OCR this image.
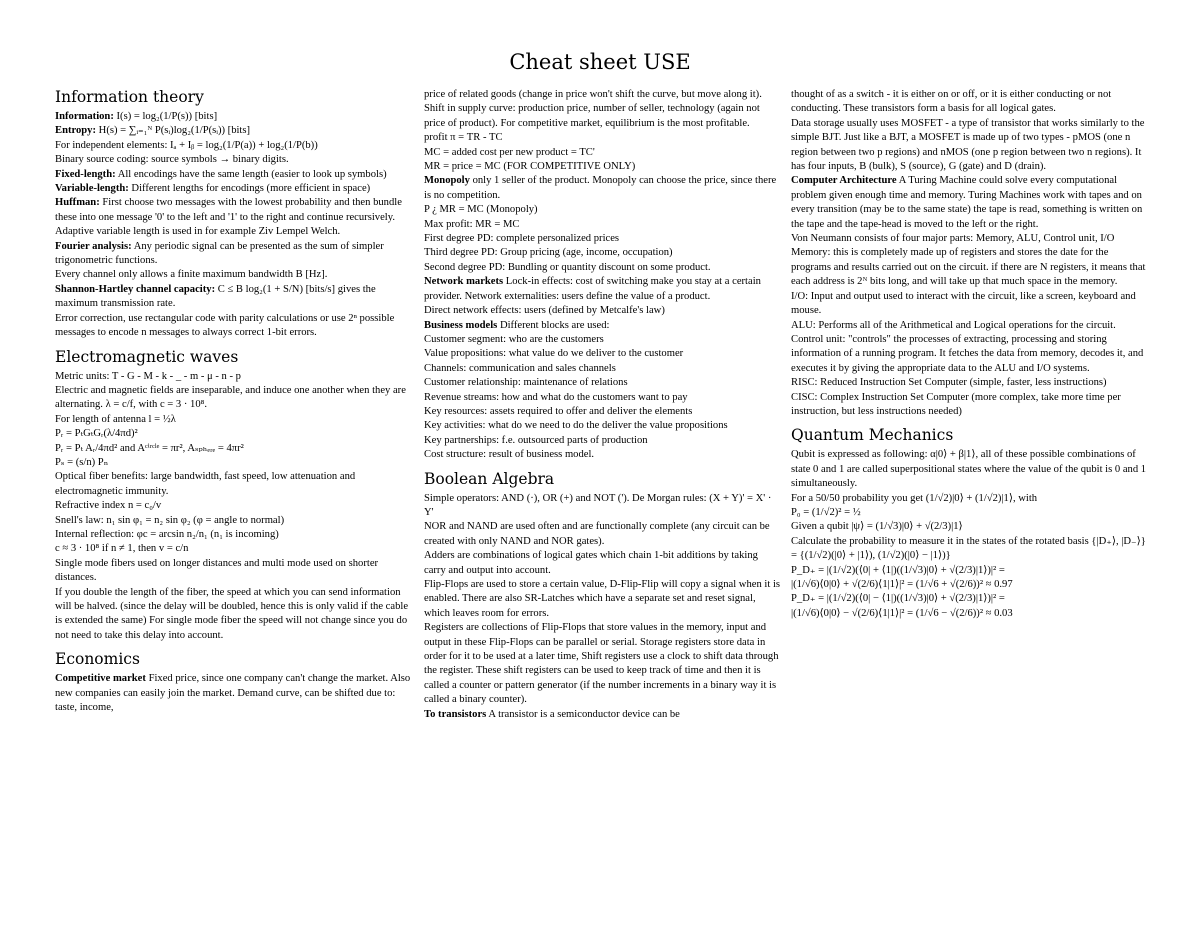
Cheat sheet USE
Information theory
Information: I(s) = log₂(1/P(s)) [bits]
Entropy: H(s) = ∑ᵢ₌₁ᴺ P(sᵢ)log₂(1/P(sᵢ)) [bits]
For independent elements: Iₐ + Iᵦ = log₂(1/P(a)) + log₂(1/P(b))
Binary source coding: source symbols → binary digits.
Fixed-length: All encodings have the same length (easier to look up symbols)
Variable-length: Different lengths for encodings (more efficient in space)
Huffman: First choose two messages with the lowest probability and then bundle these into one message '0' to the left and '1' to the right and continue recursively.
Adaptive variable length is used in for example Ziv Lempel Welch.
Fourier analysis: Any periodic signal can be presented as the sum of simpler trigonometric functions.
Every channel only allows a finite maximum bandwidth B [Hz].
Shannon-Hartley channel capacity: C ≤ B log₂(1 + S/N) [bits/s] gives the maximum transmission rate.
Error correction, use rectangular code with parity calculations or use 2ⁿ possible messages to encode n messages to always correct 1-bit errors.
Electromagnetic waves
Metric units: T - G - M - k - _ - m - μ - n - p
Electric and magnetic fields are inseparable, and induce one another when they are alternating. λ = c/f, with c = 3 · 10⁸.
For length of antenna l = ½λ
Pᵣ = PₜGₜGᵣ(λ/4πd)²
Pᵣ = Pₜ Aᵣ/4πd² and Aᶜⁱʳᶜˡᵉ = πr², Aₛₚₕₑᵣₑ = 4πr²
Pₛ = (s/n) Pₙ
Optical fiber benefits: large bandwidth, fast speed, low attenuation and electromagnetic immunity.
Refractive index n = c₀/v
Snell's law: n₁ sin φ₁ = n₂ sin φ₂ (φ = angle to normal)
Internal reflection: φc = arcsin n₂/n₁ (n₁ is incoming)
c ≈ 3 · 10⁸ if n ≠ 1, then v = c/n
Single mode fibers used on longer distances and multi mode used on shorter distances.
If you double the length of the fiber, the speed at which you can send information will be halved. (since the delay will be doubled, hence this is only valid if the cable is extended the same) For single mode fiber the speed will not change since you do not need to take this delay into account.
Economics
Competitive market Fixed price, since one company can't change the market. Also new companies can easily join the market. Demand curve, can be shifted due to: taste, income,
price of related goods (change in price won't shift the curve, but move along it). Shift in supply curve: production price, number of seller, technology (again not price of product). For competitive market, equilibrium is the most profitable.
profit π = TR - TC
MC = added cost per new product = TC'
MR = price = MC (FOR COMPETITIVE ONLY)
Monopoly only 1 seller of the product. Monopoly can choose the price, since there is no competition.
P ¿ MR = MC (Monopoly)
Max profit: MR = MC
First degree PD: complete personalized prices
Third degree PD: Group pricing (age, income, occupation)
Second degree PD: Bundling or quantity discount on some product.
Network markets Lock-in effects: cost of switching make you stay at a certain provider. Network externalities: users define the value of a product.
Direct network effects: users (defined by Metcalfe's law)
Business models Different blocks are used:
Customer segment: who are the customers
Value propositions: what value do we deliver to the customer
Channels: communication and sales channels
Customer relationship: maintenance of relations
Revenue streams: how and what do the customers want to pay
Key resources: assets required to offer and deliver the elements
Key activities: what do we need to do the deliver the value propositions
Key partnerships: f.e. outsourced parts of production
Cost structure: result of business model.
Boolean Algebra
Simple operators: AND (·), OR (+) and NOT ('). De Morgan rules: (X + Y)' = X' · Y'
NOR and NAND are used often and are functionally complete (any circuit can be created with only NAND and NOR gates).
Adders are combinations of logical gates which chain 1-bit additions by taking carry and output into account.
Flip-Flops are used to store a certain value, D-Flip-Flip will copy a signal when it is enabled. There are also SR-Latches which have a separate set and reset signal, which leaves room for errors.
Registers are collections of Flip-Flops that store values in the memory, input and output in these Flip-Flops can be parallel or serial. Storage registers store data in order for it to be used at a later time, Shift registers use a clock to shift data through the register. These shift registers can be used to keep track of time and then it is called a counter or pattern generator (if the number increments in a binary way it is called a binary counter).
To transistors A transistor is a semiconductor device can be
thought of as a switch - it is either on or off, or it is either conducting or not conducting. These transistors form a basis for all logical gates.
Data storage usually uses MOSFET - a type of transistor that works similarly to the simple BJT. Just like a BJT, a MOSFET is made up of two types - pMOS (one n region between two p regions) and nMOS (one p region between two n regions). It has four inputs, B (bulk), S (source), G (gate) and D (drain).
Computer Architecture A Turing Machine could solve every computational problem given enough time and memory. Turing Machines work with tapes and on every transition (may be to the same state) the tape is read, something is written on the tape and the tape-head is moved to the left or the right.
Von Neumann consists of four major parts: Memory, ALU, Control unit, I/O
Memory: this is completely made up of registers and stores the date for the programs and results carried out on the circuit. if there are N registers, it means that each address is 2ᴺ bits long, and will take up that much space in the memory.
I/O: Input and output used to interact with the circuit, like a screen, keyboard and mouse.
ALU: Performs all of the Arithmetical and Logical operations for the circuit.
Control unit: "controls" the processes of extracting, processing and storing information of a running program. It fetches the data from memory, decodes it, and executes it by giving the appropriate data to the ALU and I/O systems.
RISC: Reduced Instruction Set Computer (simple, faster, less instructions)
CISC: Complex Instruction Set Computer (more complex, take more time per instruction, but less instructions needed)
Quantum Mechanics
Qubit is expressed as following: α|0⟩ + β|1⟩, all of these possible combinations of state 0 and 1 are called superpositional states where the value of the qubit is 0 and 1 simultaneously.
For a 50/50 probability you get (1/√2)|0⟩ + (1/√2)|1⟩, with
P₀ = (1/√2)² = ½
Given a qubit |ψ⟩ = (1/√3)|0⟩ + √(2/3)|1⟩
Calculate the probability to measure it in the states of the rotated basis {|D₊⟩, |D₋⟩} = {(1/√2)(|0⟩ + |1⟩), (1/√2)(|0⟩ − |1⟩)}
P_D₊ = |(1/√2)(⟨0| + ⟨1|)((1/√3)|0⟩ + √(2/3)|1⟩)|² =
|(1/√6)⟨0|0⟩ + √(2/6)⟨1|1⟩|² = (1/√6 + √(2/6))² ≈ 0.97
P_D₊ = |(1/√2)(⟨0| − ⟨1|)((1/√3)|0⟩ + √(2/3)|1⟩)|² =
|(1/√6)⟨0|0⟩ − √(2/6)⟨1|1⟩|² = (1/√6 − √(2/6))² ≈ 0.03
